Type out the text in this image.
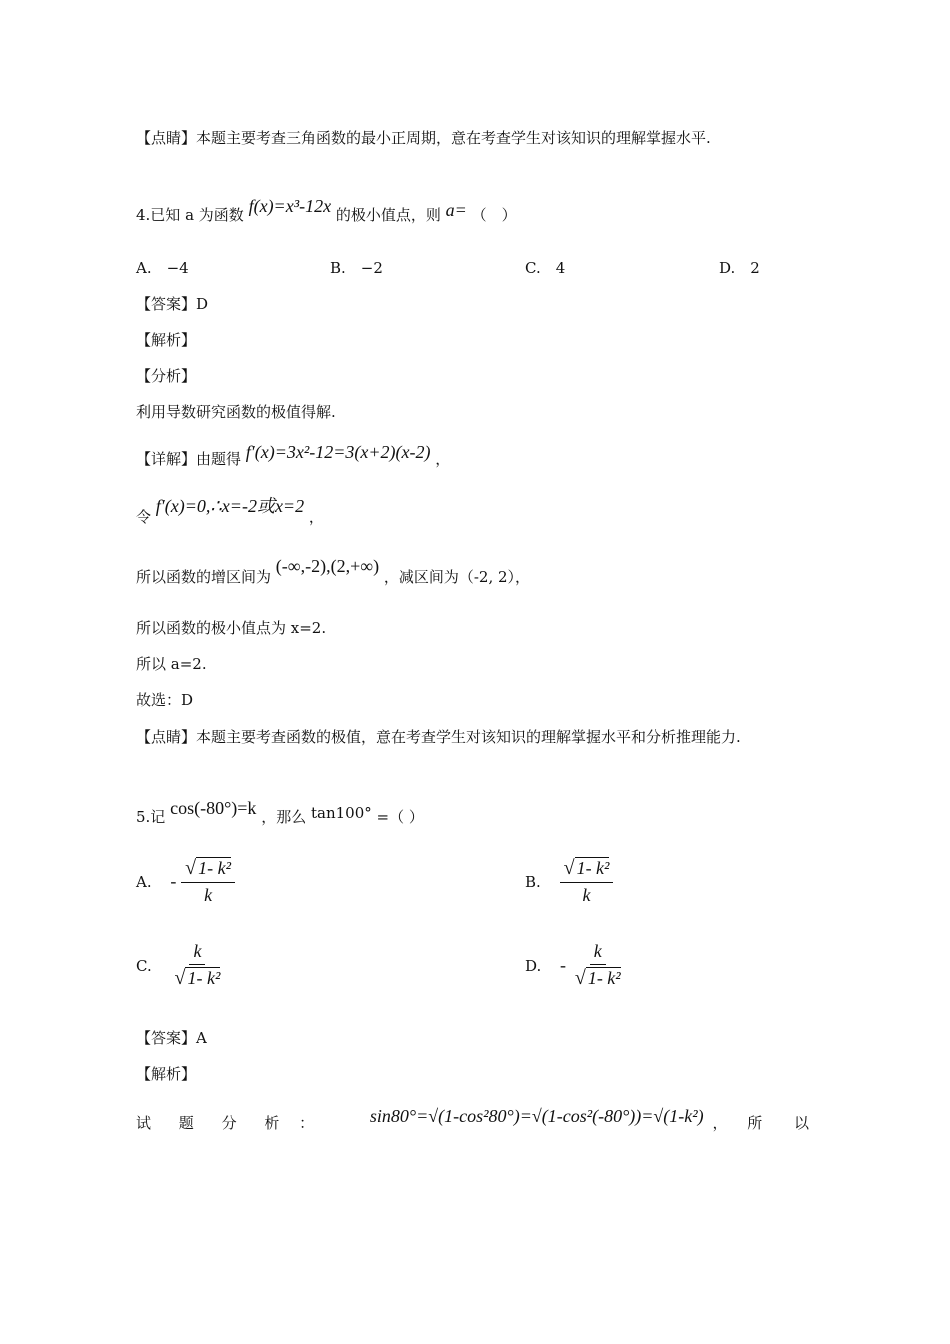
【点睛】本题主要考查三角函数的最小正周期，意在考查学生对该知识的理解掌握水平.
4.已知 a 为函数 f(x)=x³-12x 的极小值点，则 a= （　）
A.　−4	B.　−2	C.　4	D.　2
【答案】D
【解析】
【分析】
利用导数研究函数的极值得解.
【详解】由题得 f′(x)=3x²-12=3(x+2)(x-2) ，
令 f′(x)=0,∴x=-2或x=2 ，
所以函数的增区间为 (-∞,-2),(2,+∞) ，减区间为（-2, 2），
所以函数的极小值点为 x=2.
所以 a=2.
故选：D
【点睛】本题主要考查函数的极值，意在考查学生对该知识的理解掌握水平和分析推理能力.
5.记 cos(-80°)=k ，那么 tan100° =（ ）
A. - $\frac{\text{√ 1- k²}}{k}$	B. $\frac{\text{√ 1- k²}}{k}$
C. $\frac{k}{\text{√ 1- k²}}$	D. - $\frac{k}{\text{√ 1- k²}}$
【答案】A
【解析】
试 题 分 析 ：	sin80°=√(1-cos²80°)=√(1-cos²(-80°))=√(1-k²) ， 所 以
